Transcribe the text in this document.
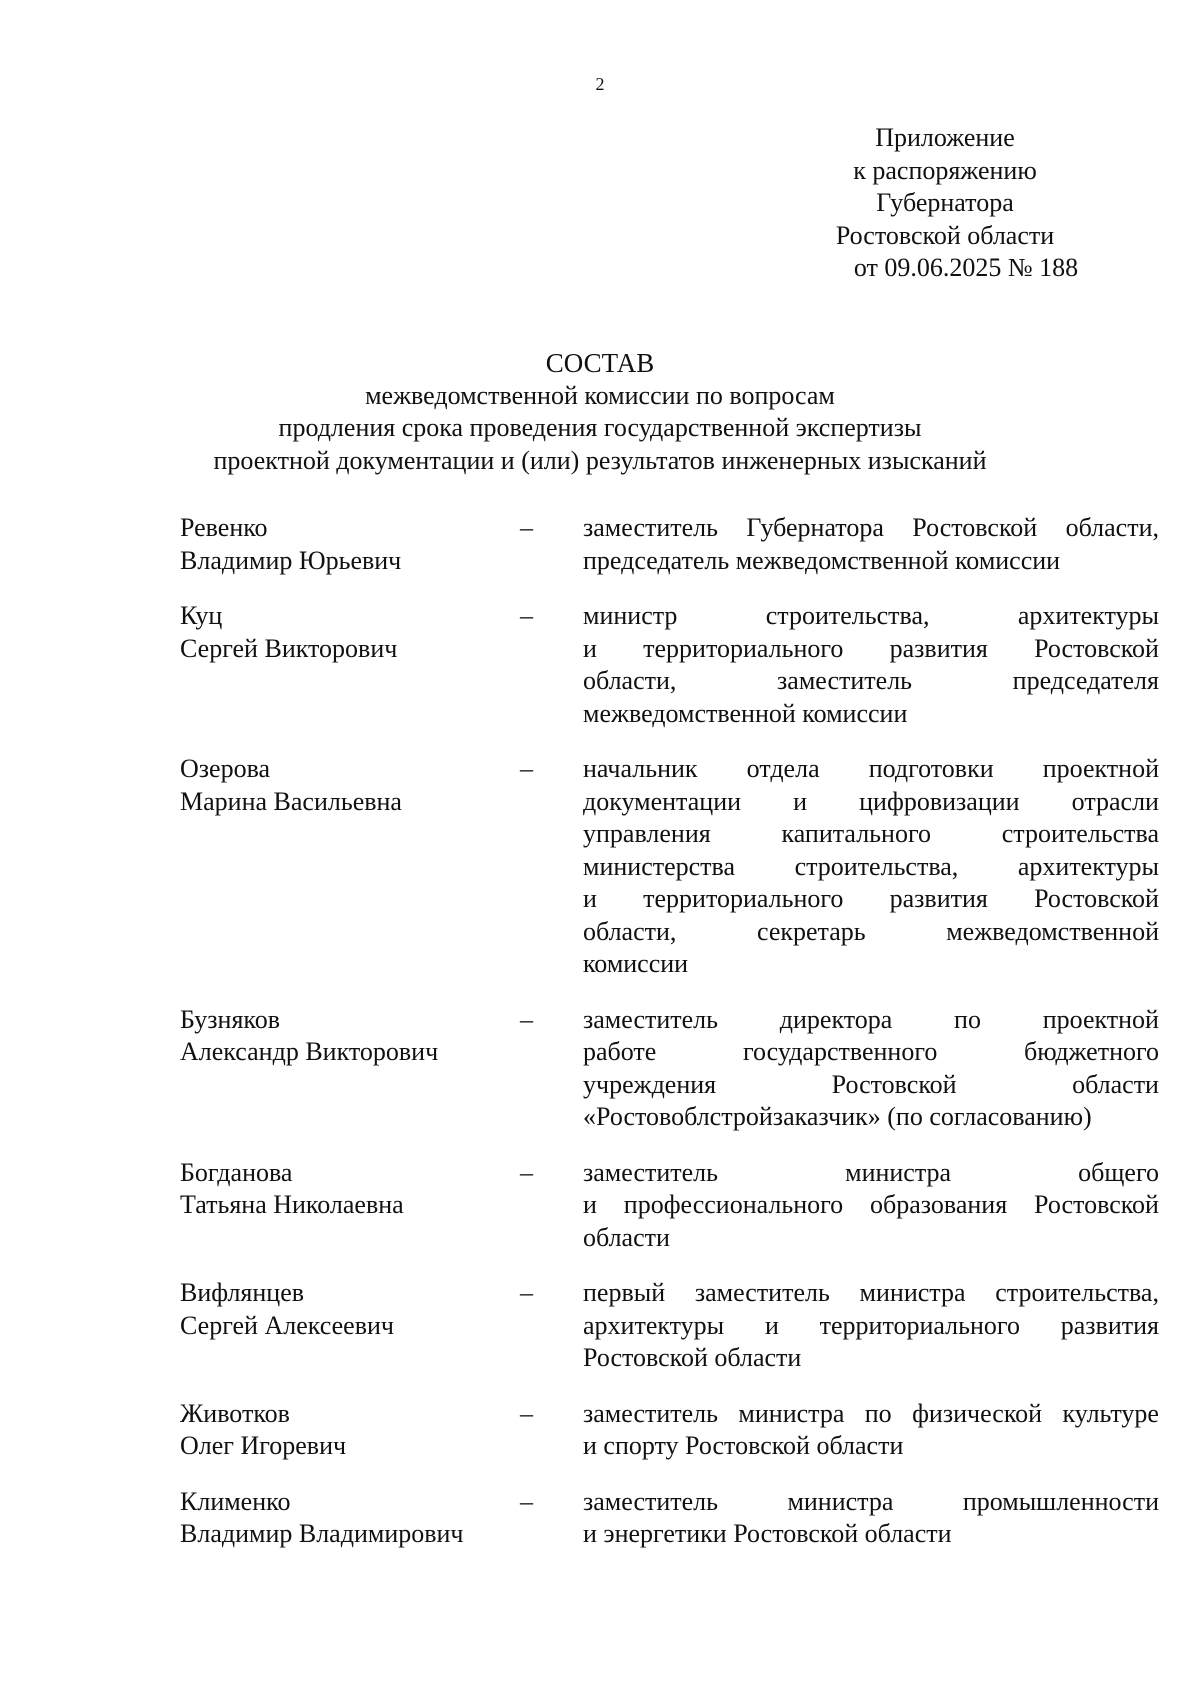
2
Приложение
к распоряжению
Губернатора
Ростовской области
от 09.06.2025 № 188
СОСТАВ
межведомственной комиссии по вопросам
продления срока проведения государственной экспертизы
проектной документации и (или) результатов инженерных изысканий
Ревенко
Владимир Юрьевич
–	заместитель Губернатора Ростовской области,
председатель межведомственной комиссии
Куц
Сергей Викторович
–	министр	строительства,	архитектуры
и территориального развития Ростовской
области,	заместитель	председателя
межведомственной комиссии
Озерова
Марина Васильевна
–	начальник отдела подготовки проектной
документации и цифровизации отрасли
управления	капитального	строительства
министерства строительства, архитектуры
и территориального развития Ростовской
области,	секретарь	межведомственной
комиссии
Бузняков
Александр Викторович
–	заместитель директора по проектной
работе	государственного	бюджетного
учреждения	Ростовской	области
«Ростовоблстройзаказчик» (по согласованию)
Богданова
Татьяна Николаевна
–	заместитель	министра	общего
и профессионального образования Ростовской
области
Вифлянцев
Сергей Алексеевич
–	первый заместитель министра строительства,
архитектуры и территориального развития
Ростовской области
Животков
Олег Игоревич
–	заместитель министра по физической культуре
и спорту Ростовской области
Клименко
Владимир Владимирович
–	заместитель	министра	промышленности
и энергетики Ростовской области
